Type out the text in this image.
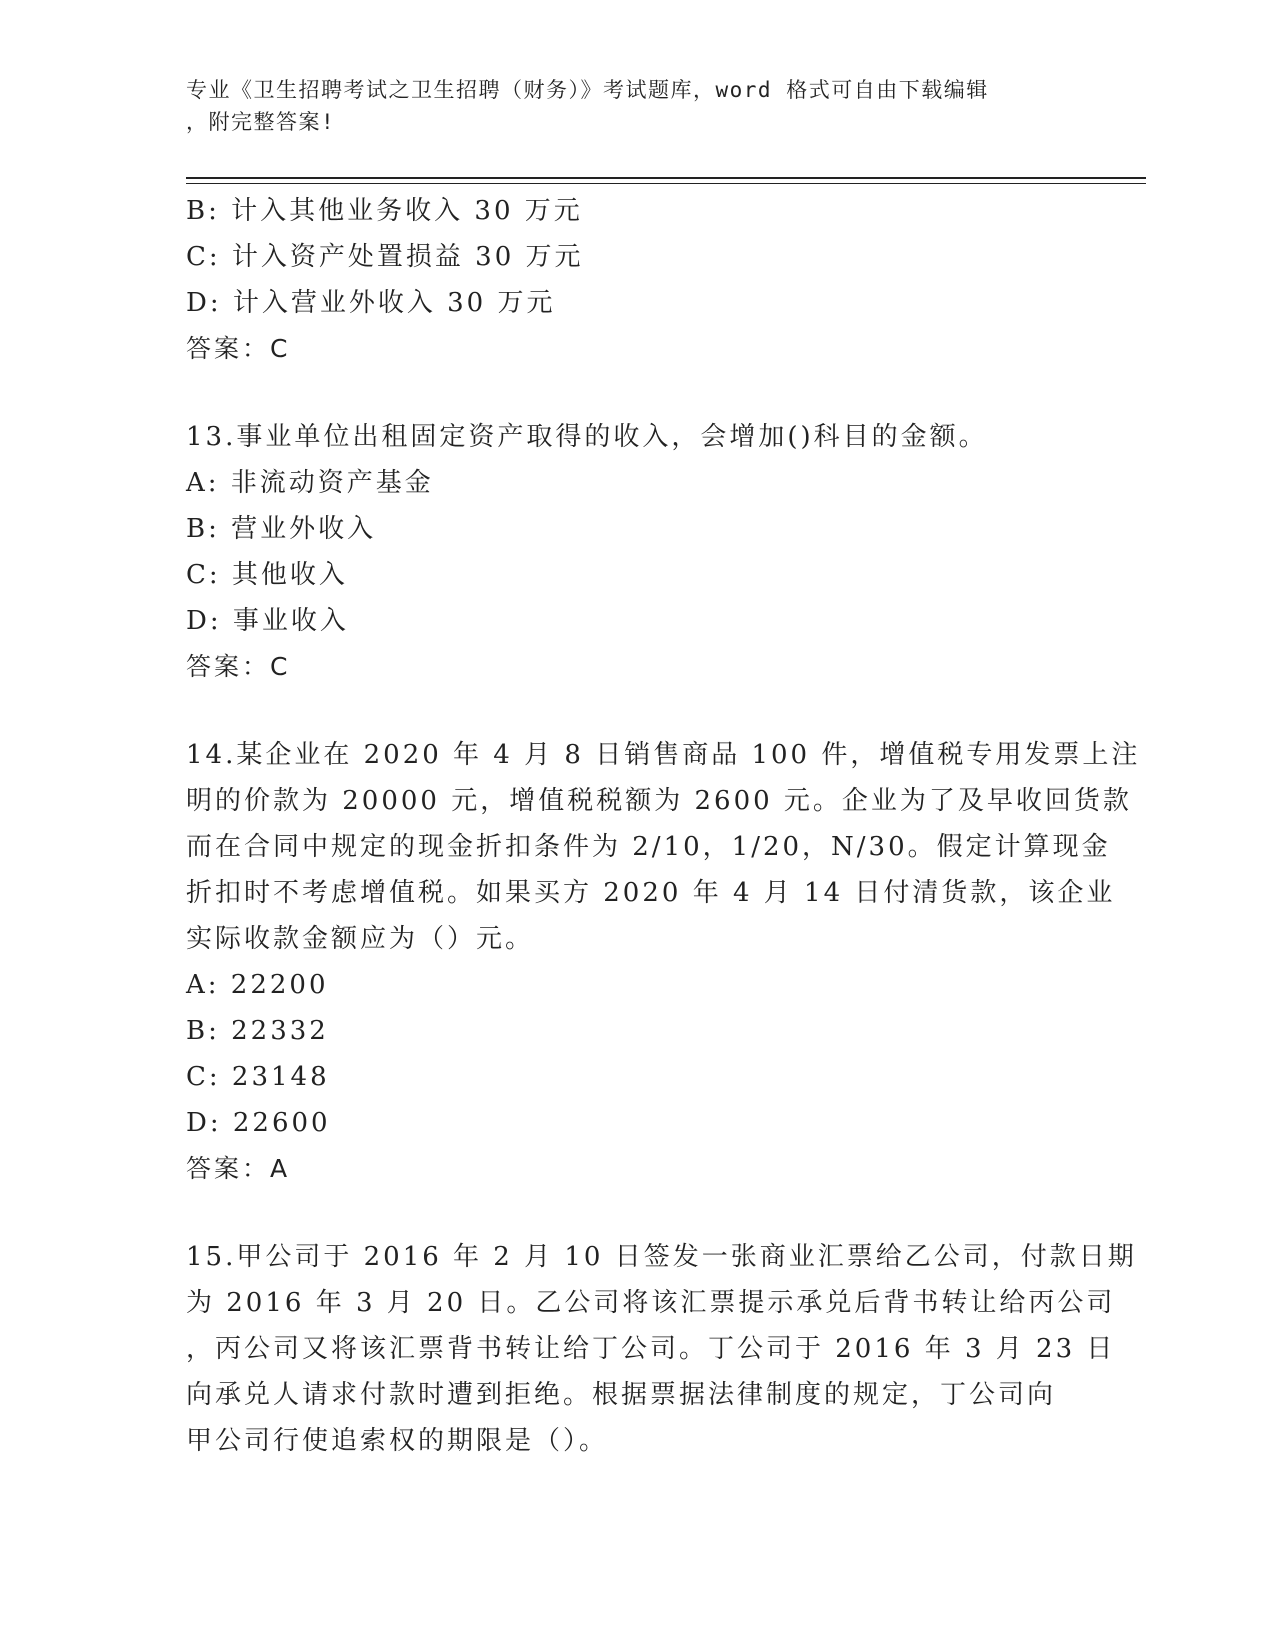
专业《卫生招聘考试之卫生招聘（财务）》考试题库，word 格式可自由下载编辑
，附完整答案!
B: 计入其他业务收入 30 万元
C: 计入资产处置损益 30 万元
D: 计入营业外收入 30 万元
答案：C
13.事业单位出租固定资产取得的收入，会增加()科目的金额。
A: 非流动资产基金
B: 营业外收入
C: 其他收入
D: 事业收入
答案：C
14.某企业在 2020 年 4 月 8 日销售商品 100 件，增值税专用发票上注
明的价款为 20000 元，增值税税额为 2600 元。企业为了及早收回货款
而在合同中规定的现金折扣条件为 2/10，1/20，N/30。假定计算现金
折扣时不考虑增值税。如果买方 2020 年 4 月 14 日付清货款，该企业
实际收款金额应为（）元。
A: 22200
B: 22332
C: 23148
D: 22600
答案：A
15.甲公司于 2016 年 2 月 10 日签发一张商业汇票给乙公司，付款日期
为 2016 年 3 月 20 日。乙公司将该汇票提示承兑后背书转让给丙公司
，丙公司又将该汇票背书转让给丁公司。丁公司于 2016 年 3 月 23 日
向承兑人请求付款时遭到拒绝。根据票据法律制度的规定，丁公司向
甲公司行使追索权的期限是（）。
